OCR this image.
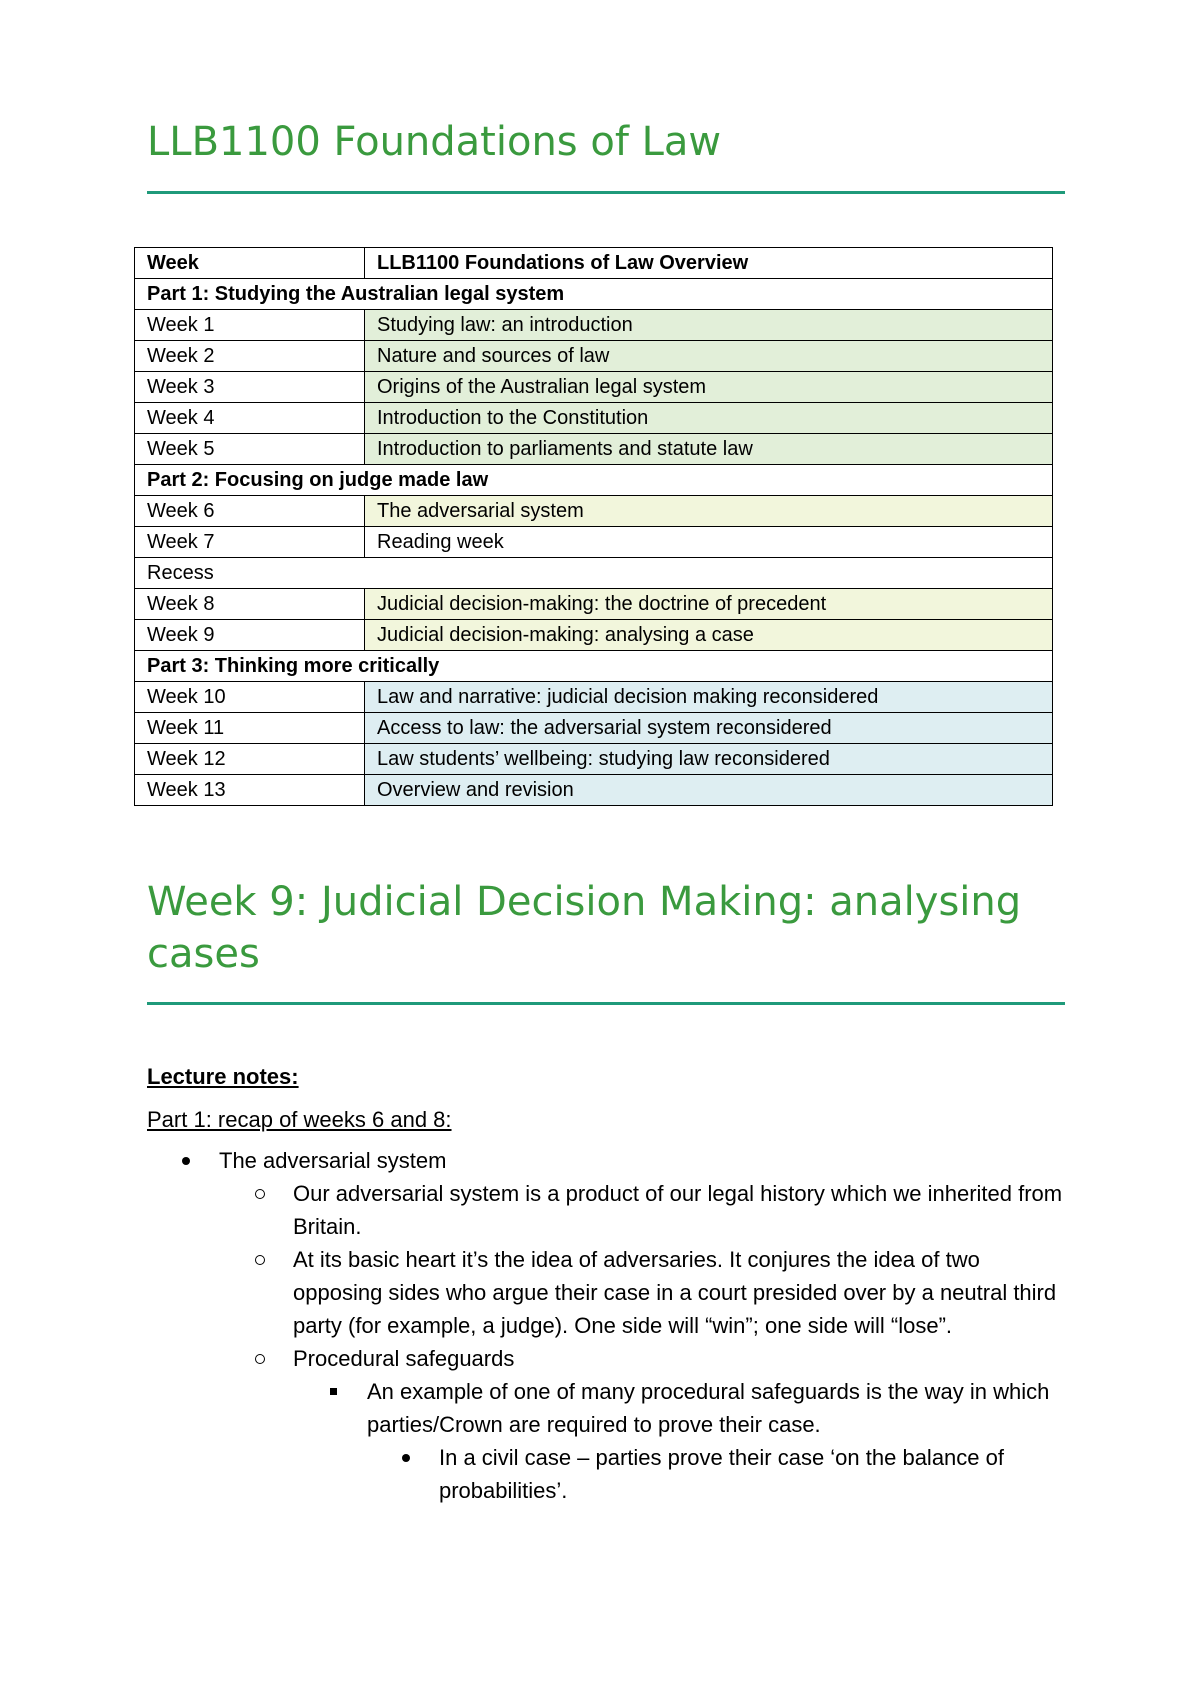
LLB1100 Foundations of Law
Week	LLB1100 Foundations of Law Overview
Part 1: Studying the Australian legal system	
Week 1	Studying law: an introduction
Week 2	Nature and sources of law
Week 3	Origins of the Australian legal system
Week 4	Introduction to the Constitution
Week 5	Introduction to parliaments and statute law
Part 2: Focusing on judge made law	
Week 6	The adversarial system
Week 7	Reading week
Recess	
Week 8	Judicial decision-making: the doctrine of precedent
Week 9	Judicial decision-making: analysing a case
Part 3: Thinking more critically	
Week 10	Law and narrative: judicial decision making reconsidered
Week 11	Access to law: the adversarial system reconsidered
Week 12	Law students’ wellbeing: studying law reconsidered
Week 13	Overview and revision
Week 9: Judicial Decision Making: analysing cases

Lecture notes:

Part 1: recap of weeks 6 and 8:

The adversarial system
Our adversarial system is a product of our legal history which we inherited from Britain.
At its basic heart it’s the idea of adversaries. It conjures the idea of two opposing sides who argue their case in a court presided over by a neutral third party (for example, a judge). One side will “win”; one side will “lose”.
Procedural safeguards
An example of one of many procedural safeguards is the way in which parties/Crown are required to prove their case.
In a civil case – parties prove their case ‘on the balance of probabilities’.
